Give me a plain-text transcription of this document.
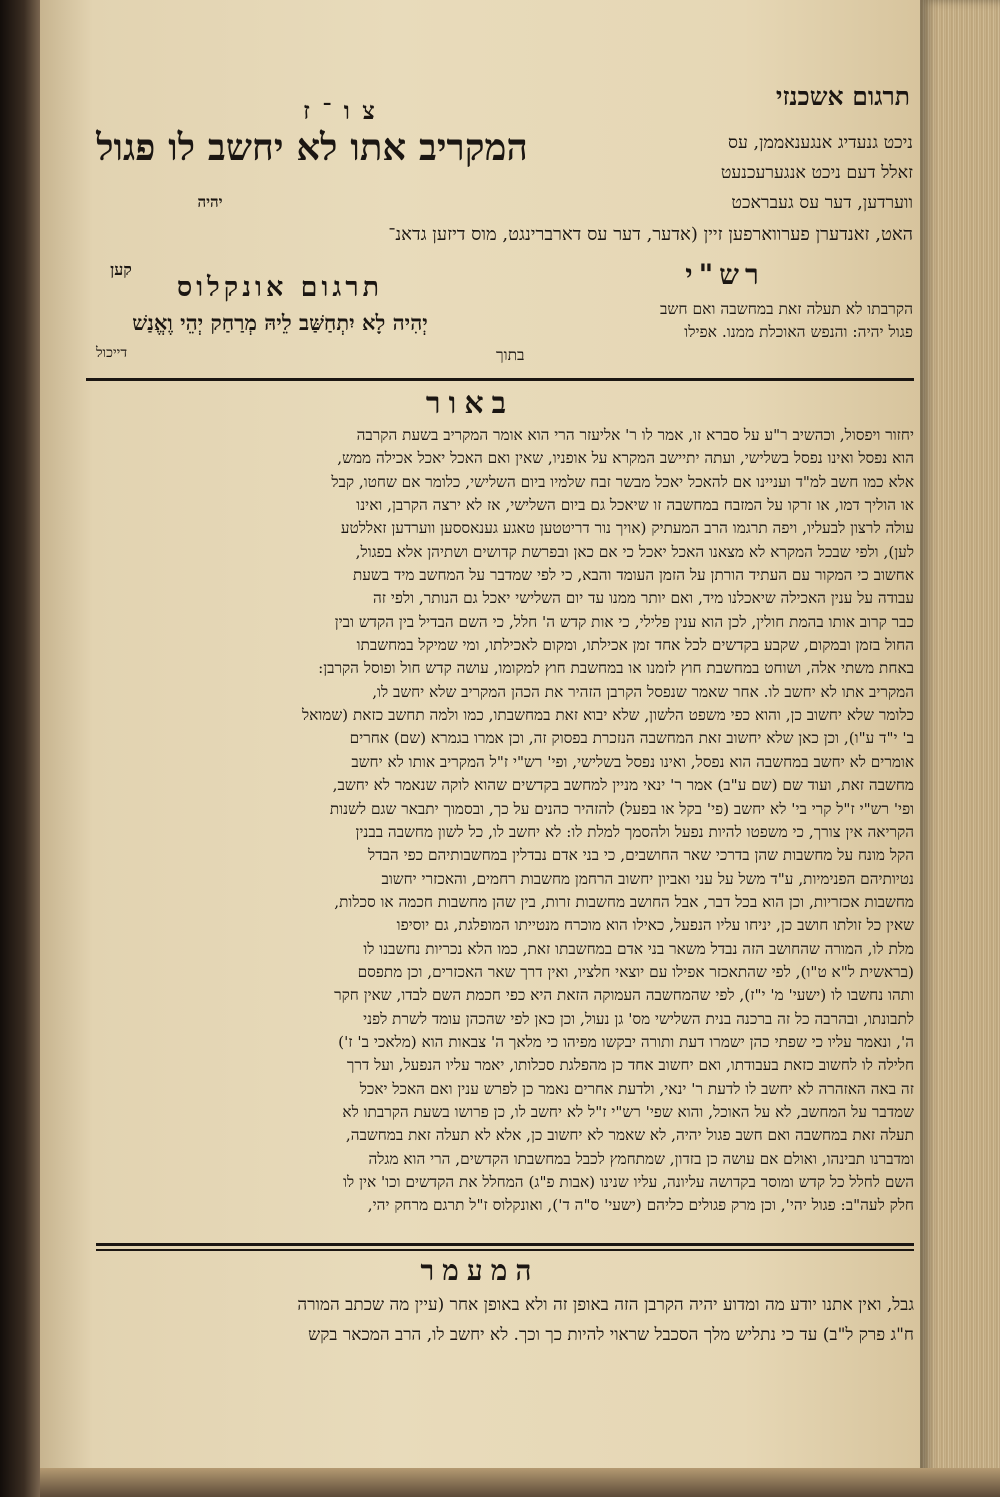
תרגום אשכנזי
צ ו ־ ז
המקריב אתו לא יחשב לו פגול	ניכט גנעדיג אנגענאממן, עס

זאלל דעם ניכט אנגערעכנעט

ווערדען, דער עס געבראכט

יהיה
האט, זאנדערן פערווארפען זיין (אדער, דער עס דארברינגט, מוס דיזען גדאנ־
רש"י

הקרבתו לא תעלה זאת במחשבה ואם חשב

פגול יהיה: והנפש האוכלת ממנו. אפילו

בתוך

קען
תרגום אונקלוס
יְהִיה לָא יִתְחַשַּׁב לֵיהּ מְרַחַק יְהֵי וֶאֱנַשׁ
דייכול
באור

יחזור ויפסול, וכהשיב ר"ע על סברא זו, אמר לו ר' אליעזר הרי הוא אומר המקריב בשעת הקרבה

הוא נפסל ואינו נפסל בשלישי, ועתה יתיישב המקרא על אופניו, שאין ואם האכל יאכל אכילה ממש,

אלא כמו חשב למ"ד ועניינו אם להאכל יאכל מבשר זבח שלמיו ביום השלישי, כלומר אם שחטו, קבל

או הוליך דמו, או זרקו על המזבח במחשבה זו שיאכל גם ביום השלישי, אז לא ירצה הקרבן, ואינו

עולה לרצון לבעליו, ויפה תרגמו הרב המעתיק (אויך נור דריטטען טאגע גענאססען ווערדען זאללטע

לען), ולפי שבכל המקרא לא מצאנו האכל יאכל כי אם כאן ובפרשת קדושים ושתיהן אלא בפגול,

אחשוב כי המקור עם העתיד הורתן על הזמן העומד והבא, כי לפי שמדבר על המחשב מיד בשעת

עבודה על ענין האכילה שיאכלנו מיד, ואם יותר ממנו עד יום השלישי יאכל גם הנותר, ולפי זה

כבר קרוב אותו בהמת חולין, לכן הוא ענין פלילי, כי אות קדש ה' חלל, כי השם הבדיל בין הקדש ובין

החול בזמן ובמקום, שקבע בקדשים לכל אחד זמן אכילתו, ומקום לאכילתו, ומי שמיקל במחשבתו

באחת משתי אלה, ושוחט במחשבת חוץ לזמנו או במחשבת חוץ למקומו, עושה קדש חול ופוסל הקרבן:

המקריב אתו לא יחשב לו. אחר שאמר שנפסל הקרבן הזהיר את הכהן המקריב שלא יחשב לו,

כלומר שלא יחשוב כן, והוא כפי משפט הלשון, שלא יבוא זאת במחשבתו, כמו ולמה תחשב כזאת (שמואל

ב' י"ד ע"ו), וכן כאן שלא יחשוב זאת המחשבה הנזכרת בפסוק זה, וכן אמרו בגמרא (שם) אחרים

אומרים לא יחשב במחשבה הוא נפסל, ואינו נפסל בשלישי, ופי' רש"י ז"ל המקריב אותו לא יחשב

מחשבה זאת, ועוד שם (שם ע"ב) אמר ר' ינאי מניין למחשב בקדשים שהוא לוקה שנאמר לא יחשב,

ופי' רש"י ז"ל קרי בי' לא יחשב (פי' בקל או בפעל) להזהיר כהנים על כך, ובסמוך יתבאר שגם לשנות

הקריאה אין צורך, כי משפטו להיות נפעל ולהסמך למלת לו: לא יחשב לו, כל לשון מחשבה בבנין

הקל מונח על מחשבות שהן בדרכי שאר החושבים, כי בני אדם נבדלין במחשבותיהם כפי הבדל

נטיותיהם הפנימיות, ע"ד משל על עני ואביון יחשוב הרחמן מחשבות רחמים, והאכזרי יחשוב

מחשבות אכזריות, וכן הוא בכל דבר, אבל החושב מחשבות זרות, בין שהן מחשבות חכמה או סכלות,

שאין כל זולתו חושב כן, יניחו עליו הנפעל, כאילו הוא מוכרח מנטייתו המופלגת, גם יוסיפו

מלת לו, המורה שהחושב הזה נבדל משאר בני אדם במחשבתו זאת, כמו הלא נכריות נחשבנו לו

(בראשית ל"א ט"ו), לפי שהתאכזר אפילו עם יוצאי חלציו, ואין דרך שאר האכזרים, וכן מתפסם

ותהו נחשבו לו (ישעי' מ' י"ז), לפי שהמחשבה העמוקה הזאת היא כפי חכמת השם לבדו, שאין חקר

לתבונתו, ובהרבה כל זה ברכנה בנית השלישי מס' גן נעול, וכן כאן לפי שהכהן עומד לשרת לפני

ה', ונאמר עליו כי שפתי כהן ישמרו דעת ותורה יבקשו מפיהו כי מלאך ה' צבאות הוא (מלאכי ב' ז')

חלילה לו לחשוב כזאת בעבודתו, ואם יחשוב אחד כן מהפלגת סכלותו, יאמר עליו הנפעל, ועל דרך

זה באה האזהרה לא יחשב לו לדעת ר' ינאי, ולדעת אחרים נאמר כן לפרש ענין ואם האכל יאכל

שמדבר על המחשב, לא על האוכל, והוא שפי' רש"י ז"ל לא יחשב לו, כן פרושו בשעת הקרבתו לא

תעלה זאת במחשבה ואם חשב פגול יהיה, לא שאמר לא יחשוב כן, אלא לא תעלה זאת במחשבה,

ומדברנו תבינהו, ואולם אם עושה כן בזדון, שמתחמץ לכבל במחשבתו הקדשים, הרי הוא מגלה

השם לחלל כל קדש ומוסר בקדושה עליונה, עליו שנינו (אבות פ"ג) המחלל את הקדשים וכו' אין לו

חלק לעה"ב: פגול יהי', וכן מרק פגולים כליהם (ישעי' ס"ה ד'), ואונקלוס ז"ל תרגם מרחק יהי,

המעמר

גבל, ואין אתנו יודע מה ומדוע יהיה הקרבן הזה באופן זה ולא באופן אחר (עיין מה שכתב המורה

ח"ג פרק ל"ב) עד כי נתליש מלך הסכבל שראוי להיות כך וכך. לא יחשב לו, הרב המכאר בקש
